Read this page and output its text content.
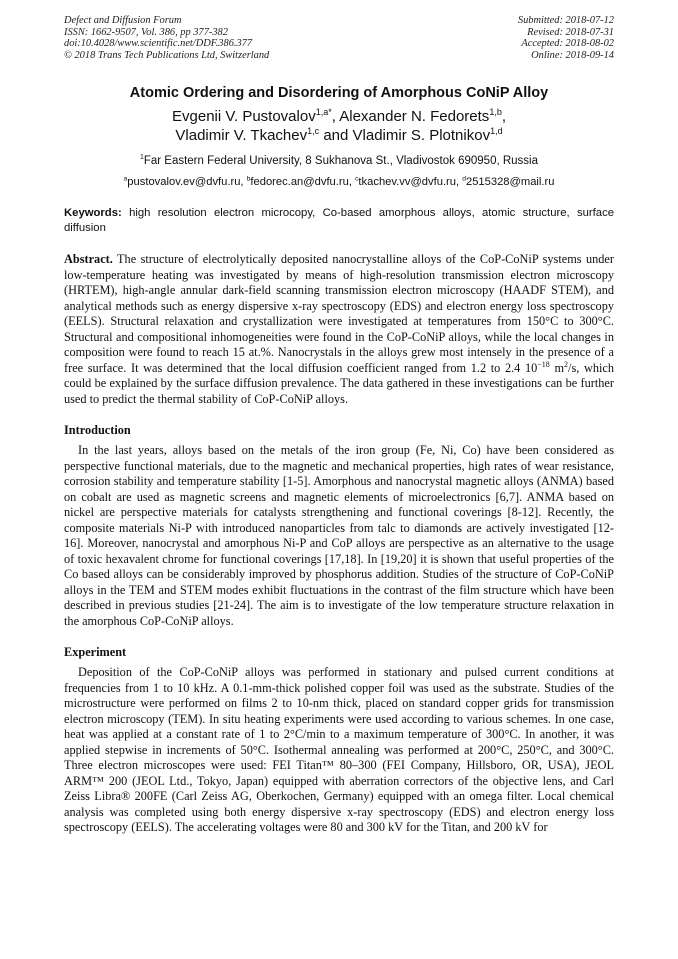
Defect and Diffusion Forum
ISSN: 1662-9507, Vol. 386, pp 377-382
doi:10.4028/www.scientific.net/DDF.386.377
© 2018 Trans Tech Publications Ltd, Switzerland
Submitted: 2018-07-12
Revised: 2018-07-31
Accepted: 2018-08-02
Online: 2018-09-14
Atomic Ordering and Disordering of Amorphous CoNiP Alloy
Evgenii V. Pustovalov$^{1,a*}$, Alexander N. Fedorets$^{1,b}$,
Vladimir V. Tkachev$^{1,c}$ and Vladimir S. Plotnikov$^{1,d}$
$^1$Far Eastern Federal University, 8 Sukhanova St., Vladivostok 690950, Russia
$^a$pustovalov.ev@dvfu.ru, $^b$fedorec.an@dvfu.ru, $^c$tkachev.vv@dvfu.ru, $^d$2515328@mail.ru
Keywords: high resolution electron microcopy, Co-based amorphous alloys, atomic structure, surface diffusion
Abstract. The structure of electrolytically deposited nanocrystalline alloys of the CoP-CoNiP systems under low-temperature heating was investigated by means of high-resolution transmission electron microscopy (HRTEM), high-angle annular dark-field scanning transmission electron microscopy (HAADF STEM), and analytical methods such as energy dispersive x-ray spectroscopy (EDS) and electron energy loss spectroscopy (EELS). Structural relaxation and crystallization were investigated at temperatures from 150°C to 300°C. Structural and compositional inhomogeneities were found in the CoP-CoNiP alloys, while the local changes in composition were found to reach 15 at.%. Nanocrystals in the alloys grew most intensely in the presence of a free surface. It was determined that the local diffusion coefficient ranged from 1.2 to 2.4 $10^{-18}$ $m^2/s$, which could be explained by the surface diffusion prevalence. The data gathered in these investigations can be further used to predict the thermal stability of CoP-CoNiP alloys.
Introduction
In the last years, alloys based on the metals of the iron group (Fe, Ni, Co) have been considered as perspective functional materials, due to the magnetic and mechanical properties, high rates of wear resistance, corrosion stability and temperature stability [1-5]. Amorphous and nanocrystal magnetic alloys (ANMA) based on cobalt are used as magnetic screens and magnetic elements of microelectronics [6,7]. ANMA based on nickel are perspective materials for catalysts strengthening and functional coverings [8-12]. Recently, the composite materials Ni-P with introduced nanoparticles from talc to diamonds are actively investigated [12-16]. Moreover, nanocrystal and amorphous Ni-P and CoP alloys are perspective as an alternative to the usage of toxic hexavalent chrome for functional coverings [17,18]. In [19,20] it is shown that useful properties of the Co based alloys can be considerably improved by phosphorus addition. Studies of the structure of CoP-CoNiP alloys in the TEM and STEM modes exhibit fluctuations in the contrast of the film structure which have been described in previous studies [21-24]. The aim is to investigate of the low temperature structure relaxation in the amorphous CoP-CoNiP alloys.
Experiment
Deposition of the CoP-CoNiP alloys was performed in stationary and pulsed current conditions at frequencies from 1 to 10 kHz. A 0.1-mm-thick polished copper foil was used as the substrate. Studies of the microstructure were performed on films 2 to 10-nm thick, placed on standard copper grids for transmission electron microscopy (TEM). In situ heating experiments were used according to various schemes. In one case, heat was applied at a constant rate of 1 to 2°C/min to a maximum temperature of 300°C. In another, it was applied stepwise in increments of 50°C. Isothermal annealing was performed at 200°C, 250°C, and 300°C. Three electron microscopes were used: FEI Titan™ 80–300 (FEI Company, Hillsboro, OR, USA), JEOL ARM™ 200 (JEOL Ltd., Tokyo, Japan) equipped with aberration correctors of the objective lens, and Carl Zeiss Libra® 200FE (Carl Zeiss AG, Oberkochen, Germany) equipped with an omega filter. Local chemical analysis was completed using both energy dispersive x-ray spectroscopy (EDS) and electron energy loss spectroscopy (EELS). The accelerating voltages were 80 and 300 kV for the Titan, and 200 kV for
